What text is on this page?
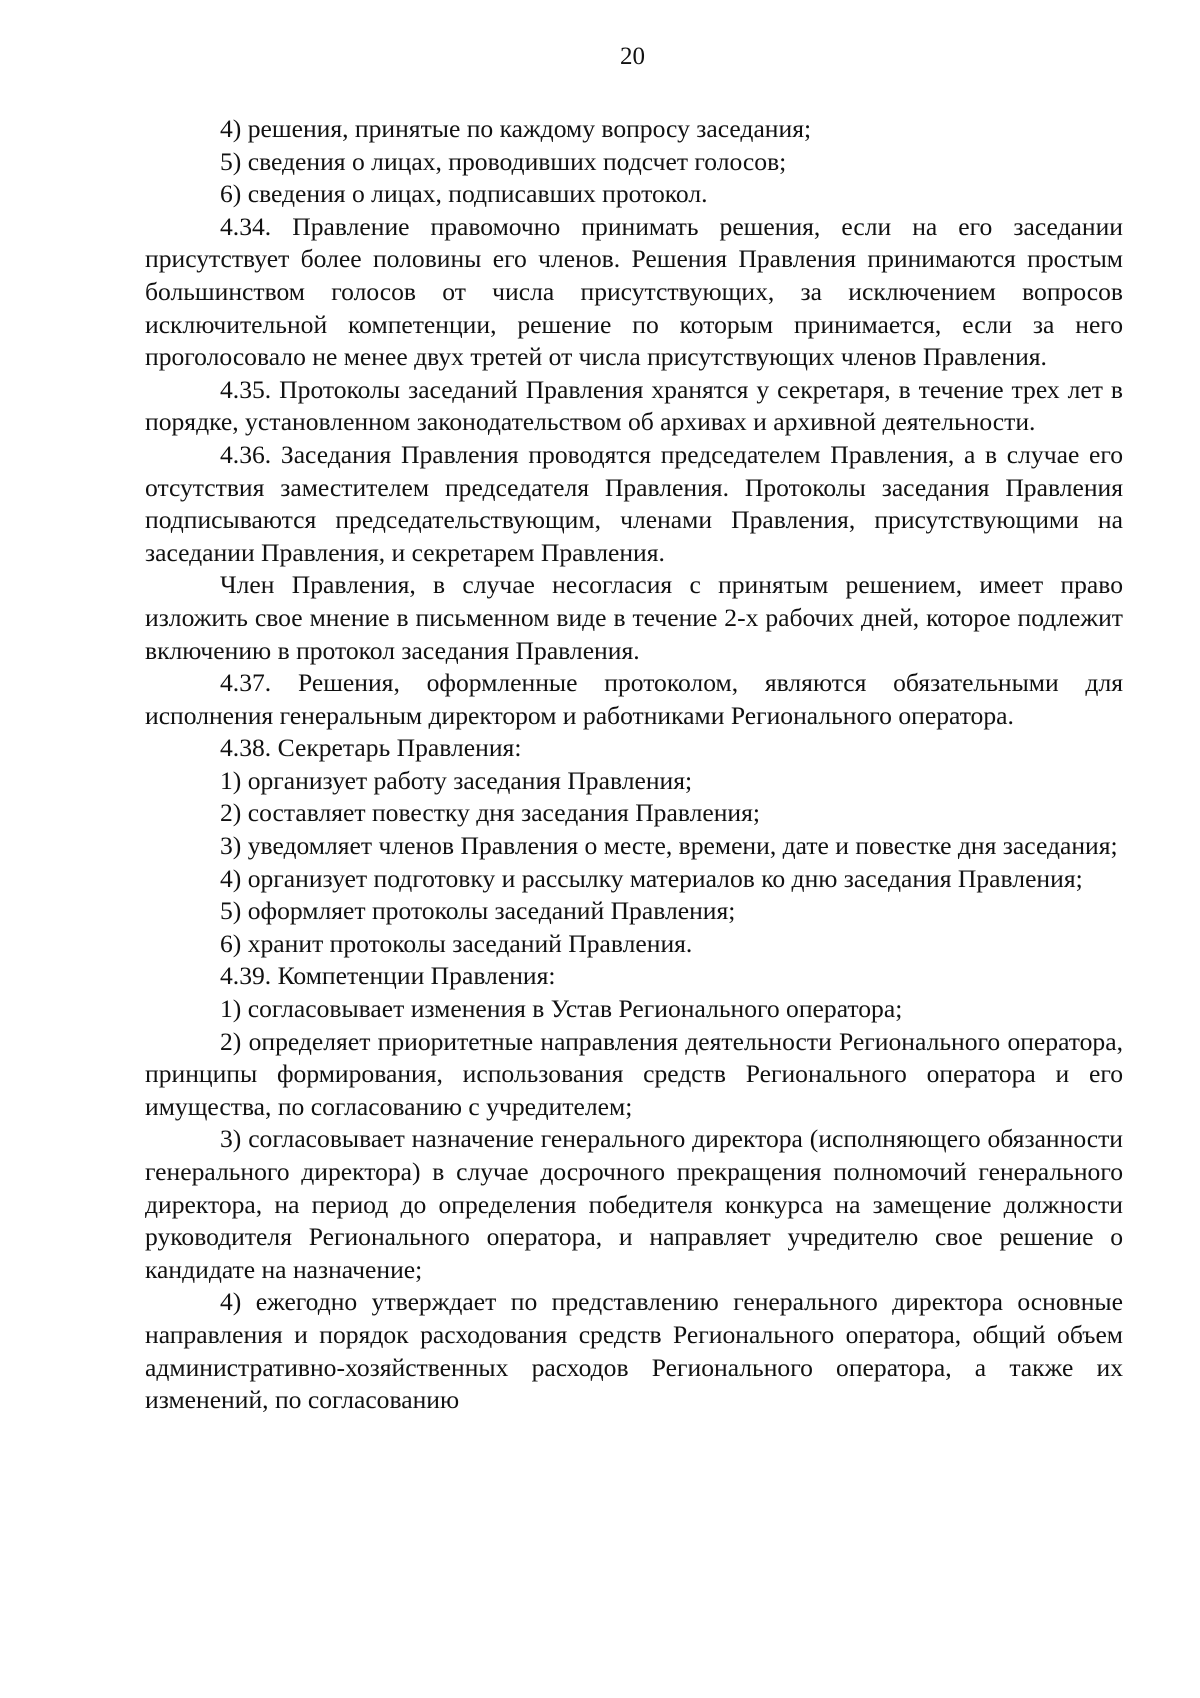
20

4) решения, принятые по каждому вопросу заседания;

5) сведения о лицах, проводивших подсчет голосов;

6) сведения о лицах, подписавших протокол.

4.34. Правление правомочно принимать решения, если на его заседании присутствует более половины его членов. Решения Правления принимаются простым большинством голосов от числа присутствующих, за исключением вопросов исключительной компетенции, решение по которым принимается, если за него проголосовало не менее двух третей от числа присутствующих членов Правления.

4.35. Протоколы заседаний Правления хранятся у секретаря, в течение трех лет в порядке, установленном законодательством об архивах и архивной деятельности.

4.36. Заседания Правления проводятся председателем Правления, а в случае его отсутствия заместителем председателя Правления. Протоколы заседания Правления подписываются председательствующим, членами Правления, присутствующими на заседании Правления, и секретарем Правления.

Член Правления, в случае несогласия с принятым решением, имеет право изложить свое мнение в письменном виде в течение 2-х рабочих дней, которое подлежит включению в протокол заседания Правления.

4.37. Решения, оформленные протоколом, являются обязательными для исполнения генеральным директором и работниками Регионального оператора.

4.38. Секретарь Правления:

1) организует работу заседания Правления;

2) составляет повестку дня заседания Правления;

3) уведомляет членов Правления о месте, времени, дате и повестке дня заседания;

4) организует подготовку и рассылку материалов ко дню заседания Правления;

5) оформляет протоколы заседаний Правления;

6) хранит протоколы заседаний Правления.

4.39. Компетенции Правления:

1) согласовывает изменения в Устав Регионального оператора;

2) определяет приоритетные направления деятельности Регионального оператора, принципы формирования, использования средств Регионального оператора и его имущества, по согласованию с учредителем;

3) согласовывает назначение генерального директора (исполняющего обязанности генерального директора) в случае досрочного прекращения полномочий генерального директора, на период до определения победителя конкурса на замещение должности руководителя Регионального оператора, и направляет учредителю свое решение о кандидате на назначение;

4) ежегодно утверждает по представлению генерального директора основные направления и порядок расходования средств Регионального оператора, общий объем административно-хозяйственных расходов Регионального оператора, а также их изменений, по согласованию
